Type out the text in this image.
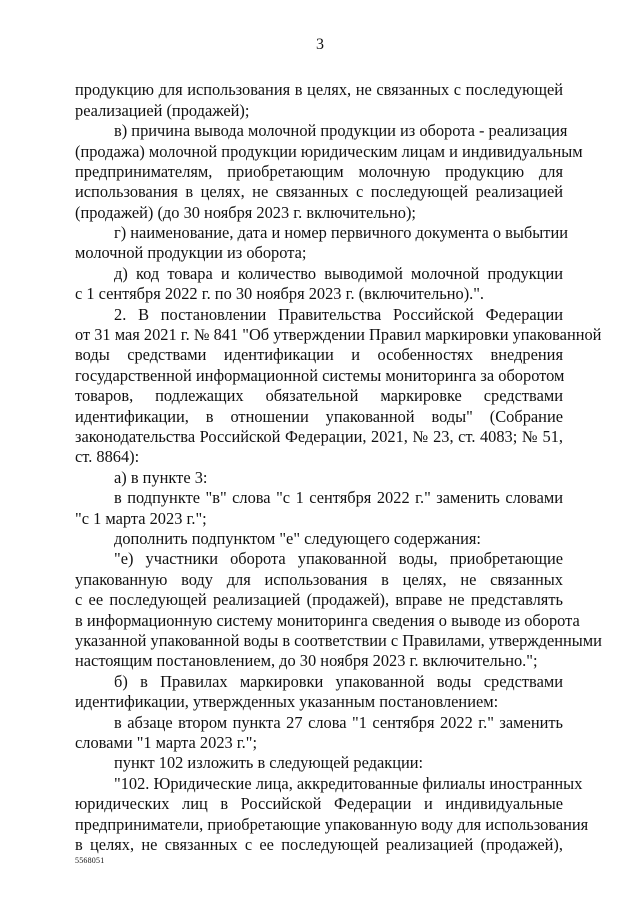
3
продукцию для использования в целях, не связанных с последующей
реализацией (продажей);
в) причина вывода молочной продукции из оборота - реализация
(продажа) молочной продукции юридическим лицам и индивидуальным
предпринимателям, приобретающим молочную продукцию для
использования в целях, не связанных с последующей реализацией
(продажей) (до 30 ноября 2023 г. включительно);
г) наименование, дата и номер первичного документа о выбытии
молочной продукции из оборота;
д) код товара и количество выводимой молочной продукции
с 1 сентября 2022 г. по 30 ноября 2023 г. (включительно).".
2. В постановлении Правительства Российской Федерации
от 31 мая 2021 г. № 841 "Об утверждении Правил маркировки упакованной
воды средствами идентификации и особенностях внедрения
государственной информационной системы мониторинга за оборотом
товаров, подлежащих обязательной маркировке средствами
идентификации, в отношении упакованной воды" (Собрание
законодательства Российской Федерации, 2021, № 23, ст. 4083; № 51,
ст. 8864):
а) в пункте 3:
в подпункте "в" слова "с 1 сентября 2022 г." заменить словами
"с 1 марта 2023 г.";
дополнить подпунктом "е" следующего содержания:
"е) участники оборота упакованной воды, приобретающие
упакованную воду для использования в целях, не связанных
с ее последующей реализацией (продажей), вправе не представлять
в информационную систему мониторинга сведения о выводе из оборота
указанной упакованной воды в соответствии с Правилами, утвержденными
настоящим постановлением, до 30 ноября 2023 г. включительно.";
б) в Правилах маркировки упакованной воды средствами
идентификации, утвержденных указанным постановлением:
в абзаце втором пункта 27 слова "1 сентября 2022 г." заменить
словами "1 марта 2023 г.";
пункт 102 изложить в следующей редакции:
"102. Юридические лица, аккредитованные филиалы иностранных
юридических лиц в Российской Федерации и индивидуальные
предприниматели, приобретающие упакованную воду для использования
в целях, не связанных с ее последующей реализацией (продажей),
5568051
